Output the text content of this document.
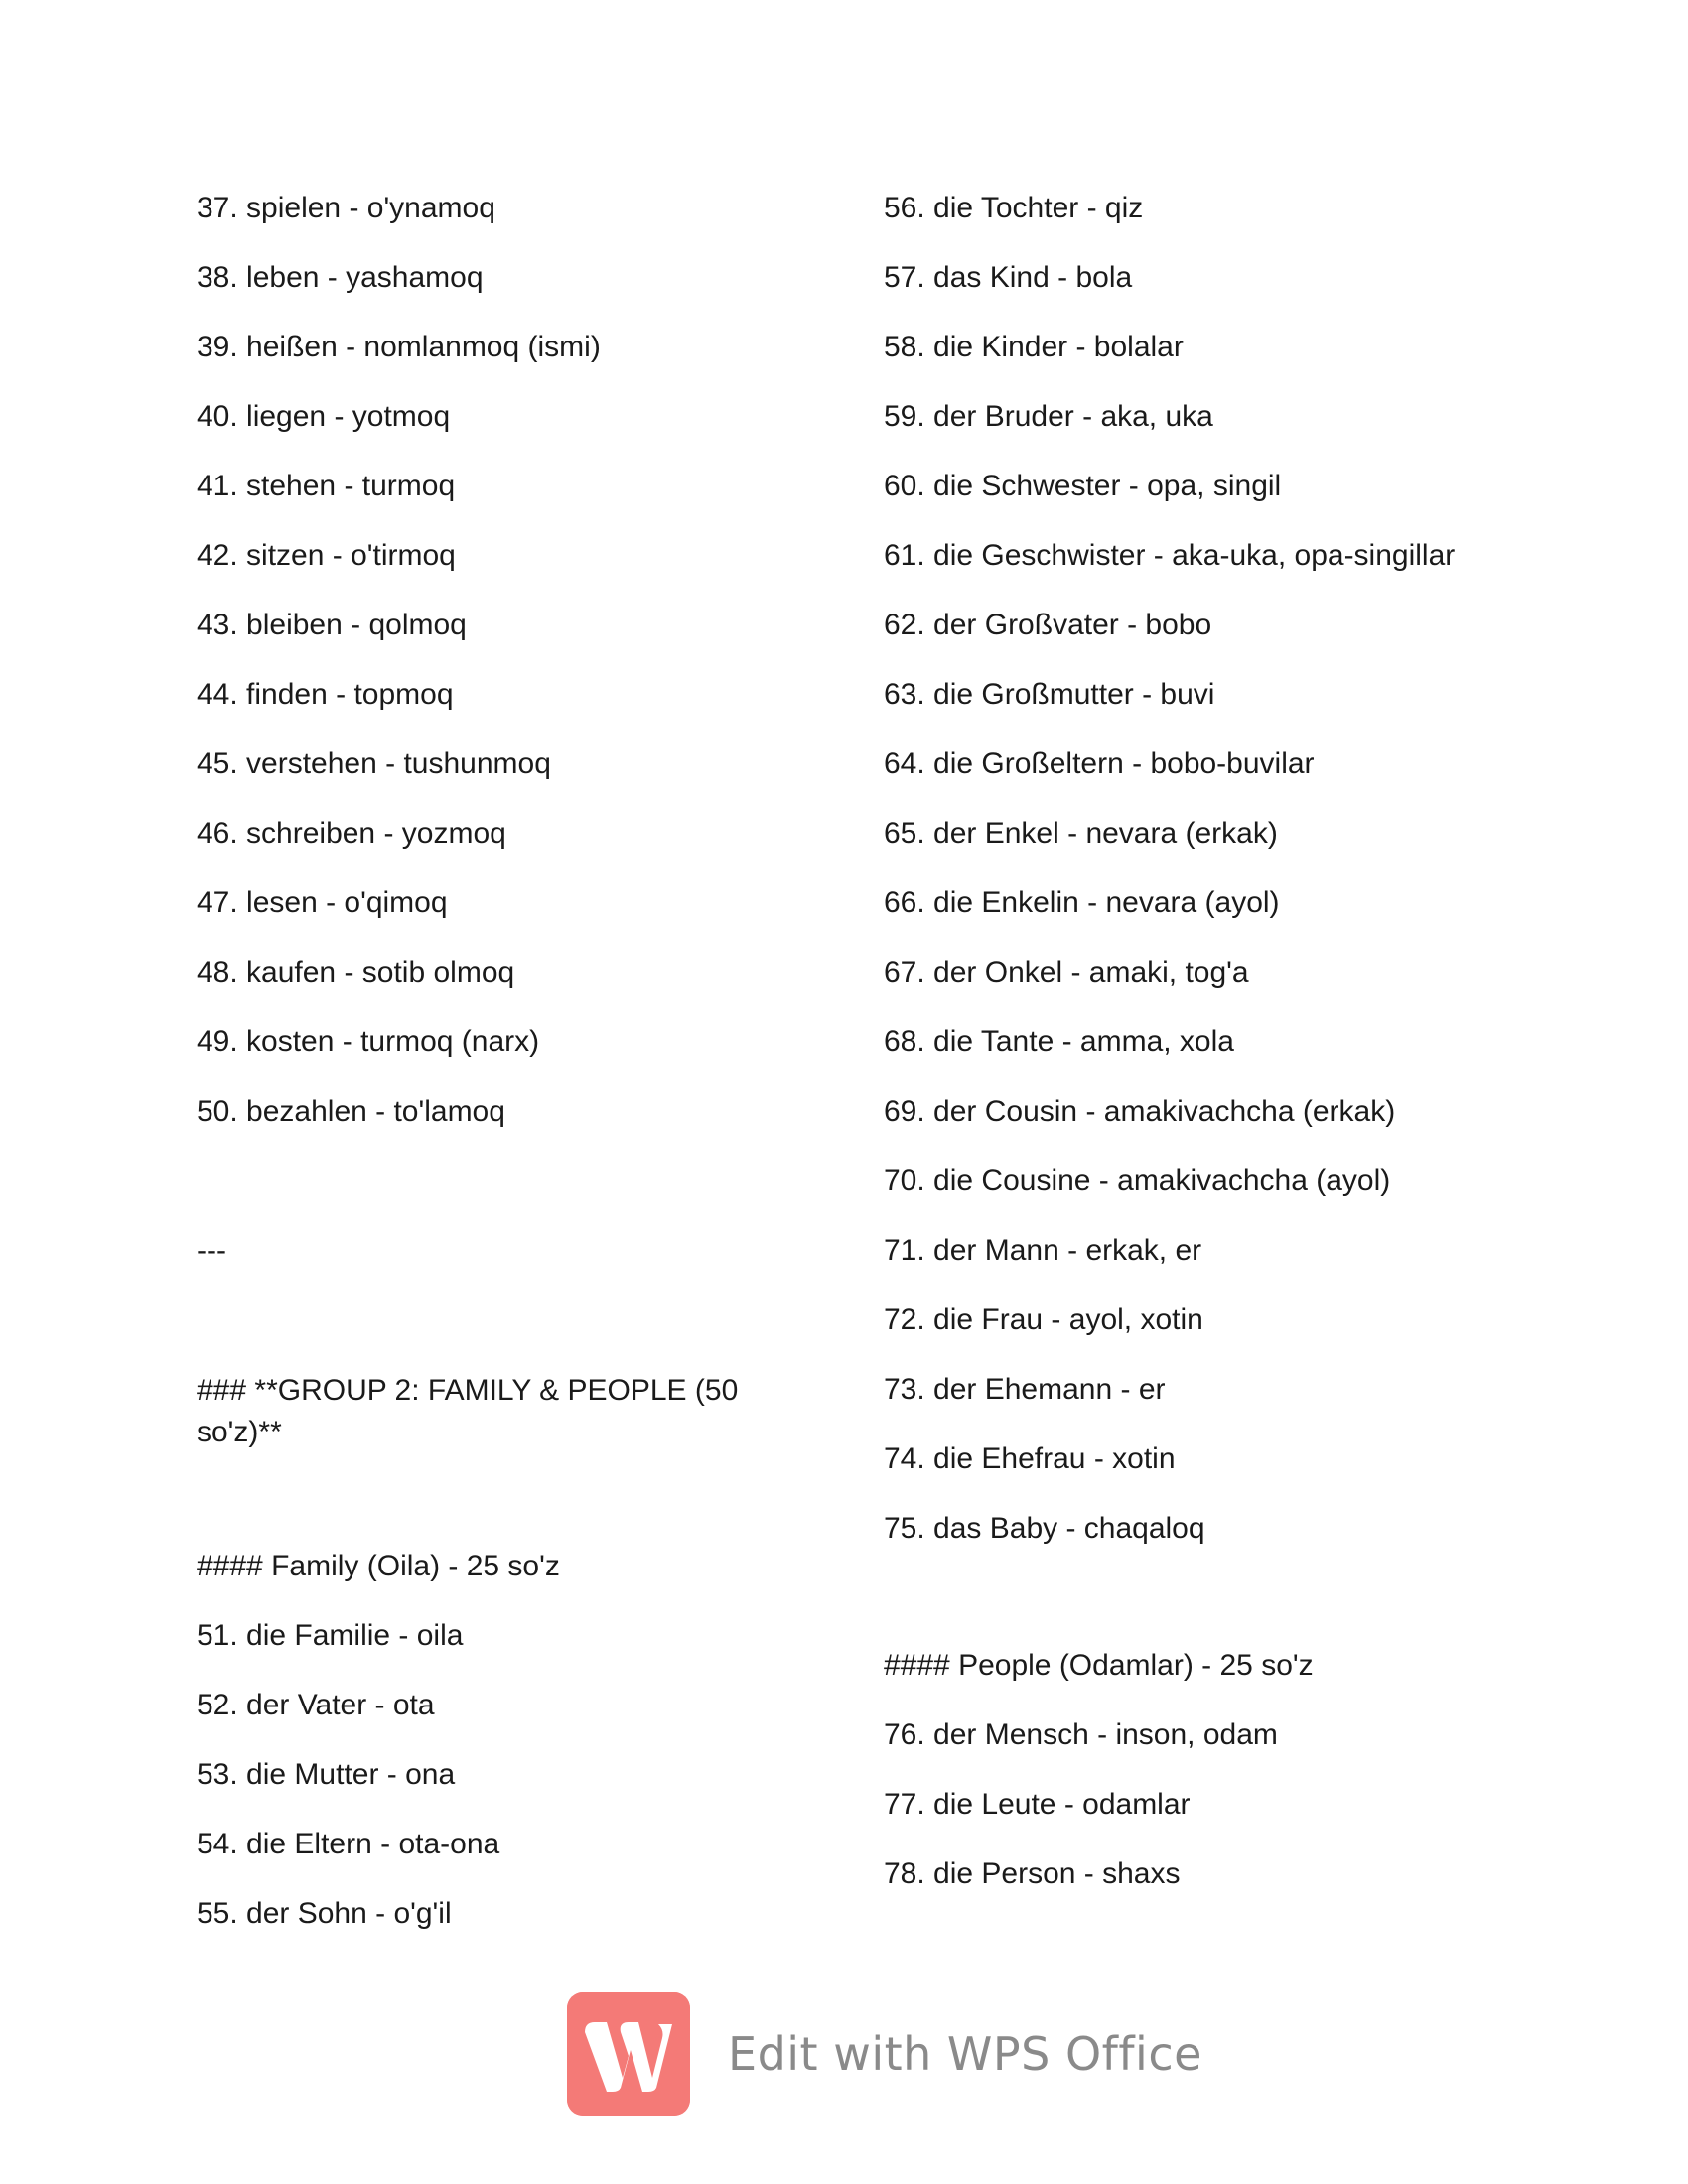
37. spielen - o'ynamoq
38. leben - yashamoq
39. heißen - nomlanmoq (ismi)
40. liegen - yotmoq
41. stehen - turmoq
42. sitzen - o'tirmoq
43. bleiben - qolmoq
44. finden - topmoq
45. verstehen - tushunmoq
46. schreiben - yozmoq
47. lesen - o'qimoq
48. kaufen - sotib olmoq
49. kosten - turmoq (narx)
50. bezahlen - to'lamoq
---
### **GROUP 2: FAMILY & PEOPLE (50 so'z)**
#### Family (Oila) - 25 so'z
51. die Familie - oila
52. der Vater - ota
53. die Mutter - ona
54. die Eltern - ota-ona
55. der Sohn - o'g'il
56. die Tochter - qiz
57. das Kind - bola
58. die Kinder - bolalar
59. der Bruder - aka, uka
60. die Schwester - opa, singil
61. die Geschwister - aka-uka, opa-singillar
62. der Großvater - bobo
63. die Großmutter - buvi
64. die Großeltern - bobo-buvilar
65. der Enkel - nevara (erkak)
66. die Enkelin - nevara (ayol)
67. der Onkel - amaki, tog'a
68. die Tante - amma, xola
69. der Cousin - amakivachcha (erkak)
70. die Cousine - amakivachcha (ayol)
71. der Mann - erkak, er
72. die Frau - ayol, xotin
73. der Ehemann - er
74. die Ehefrau - xotin
75. das Baby - chaqaloq
#### People (Odamlar) - 25 so'z
76. der Mensch - inson, odam
77. die Leute - odamlar
78. die Person - shaxs
Edit with WPS Office
